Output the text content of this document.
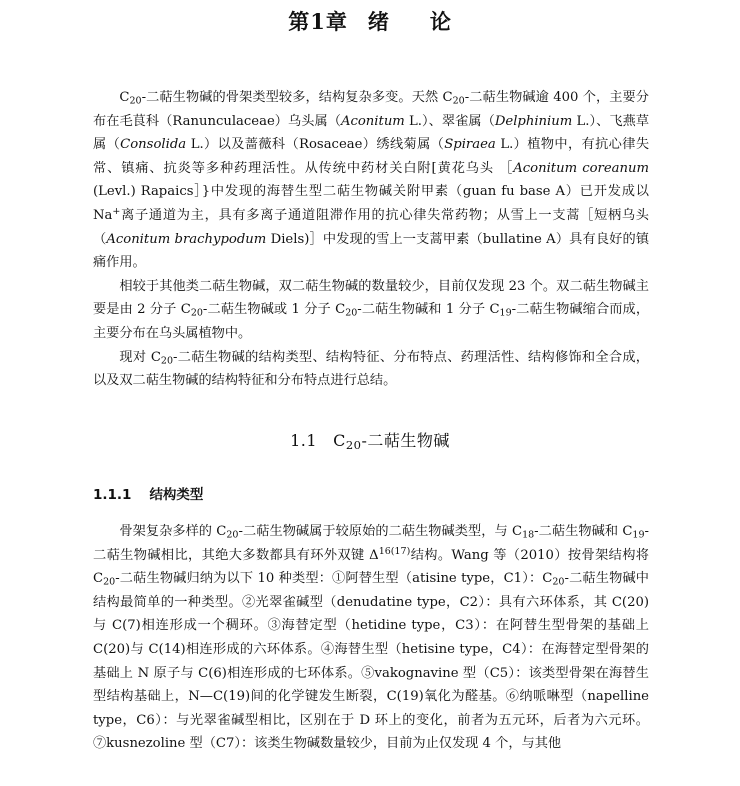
第1章 绪 论

$C_{20}-$二萜生物碱的骨架类型较多，结构复杂多变。天然 $C_{20}-$二萜生物碱逾 400 个，主要分布在毛茛科（Ranunculaceae）乌头属（Aconitum L.）、翠雀属（Delphinium L.）、飞燕草属（Consolida L.）以及蔷薇科（Rosaceae）绣线菊属（Spiraea L.）植物中，有抗心律失常、镇痛、抗炎等多种药理活性。从传统中药材关白附[黄花乌头 ［Aconitum coreanum (Levl.) Rapaics］}中发现的海替生型二萜生物碱关附甲素（guan fu base A）已开发成以 Na+离子通道为主，具有多离子通道阻滞作用的抗心律失常药物；从雪上一支蒿［短柄乌头（Aconitum brachypodum Diels)］中发现的雪上一支蒿甲素（bullatine A）具有良好的镇痛作用。

相较于其他类二萜生物碱，双二萜生物碱的数量较少，目前仅发现 23 个。双二萜生物碱主要是由 2 分子 $C_{20}-$二萜生物碱或 1 分子 $C_{20}-$二萜生物碱和 1 分子 $C_{19}-$二萜生物碱缩合而成，主要分布在乌头属植物中。

现对 $C_{20}-$二萜生物碱的结构类型、结构特征、分布特点、药理活性、结构修饰和全合成，以及双二萜生物碱的结构特征和分布特点进行总结。

1.1 $C_{20}-$二萜生物碱
1.1.1 结构类型

骨架复杂多样的 $C_{20}-$二萜生物碱属于较原始的二萜生物碱类型，与 $C_{18}-$二萜生物碱和 $C_{19}-$二萜生物碱相比，其绝大多数都具有环外双键 $\Delta^{16(17)}$结构。Wang 等（2010）按骨架结构将 $C_{20}-$二萜生物碱归纳为以下 10 种类型：①阿替生型（atisine type，C1）：$C_{20}-$二萜生物碱中结构最简单的一种类型。②光翠雀碱型（denudatine type，C2）：具有六环体系，其 C(20)与 C(7)相连形成一个稠环。③海替定型（hetidine type，C3）：在阿替生型骨架的基础上 C(20)与 C(14)相连形成的六环体系。④海替生型（hetisine type，C4）：在海替定型骨架的基础上 N 原子与 C(6)相连形成的七环体系。⑤vakognavine 型（C5）：该类型骨架在海替生型结构基础上，N—C(19)间的化学键发生断裂，C(19)氧化为醛基。⑥纳哌啉型（napelline type，C6）：与光翠雀碱型相比，区别在于 D 环上的变化，前者为五元环，后者为六元环。⑦kusnezoline 型（C7）：该类生物碱数量较少，目前为止仅发现 4 个，与其他
